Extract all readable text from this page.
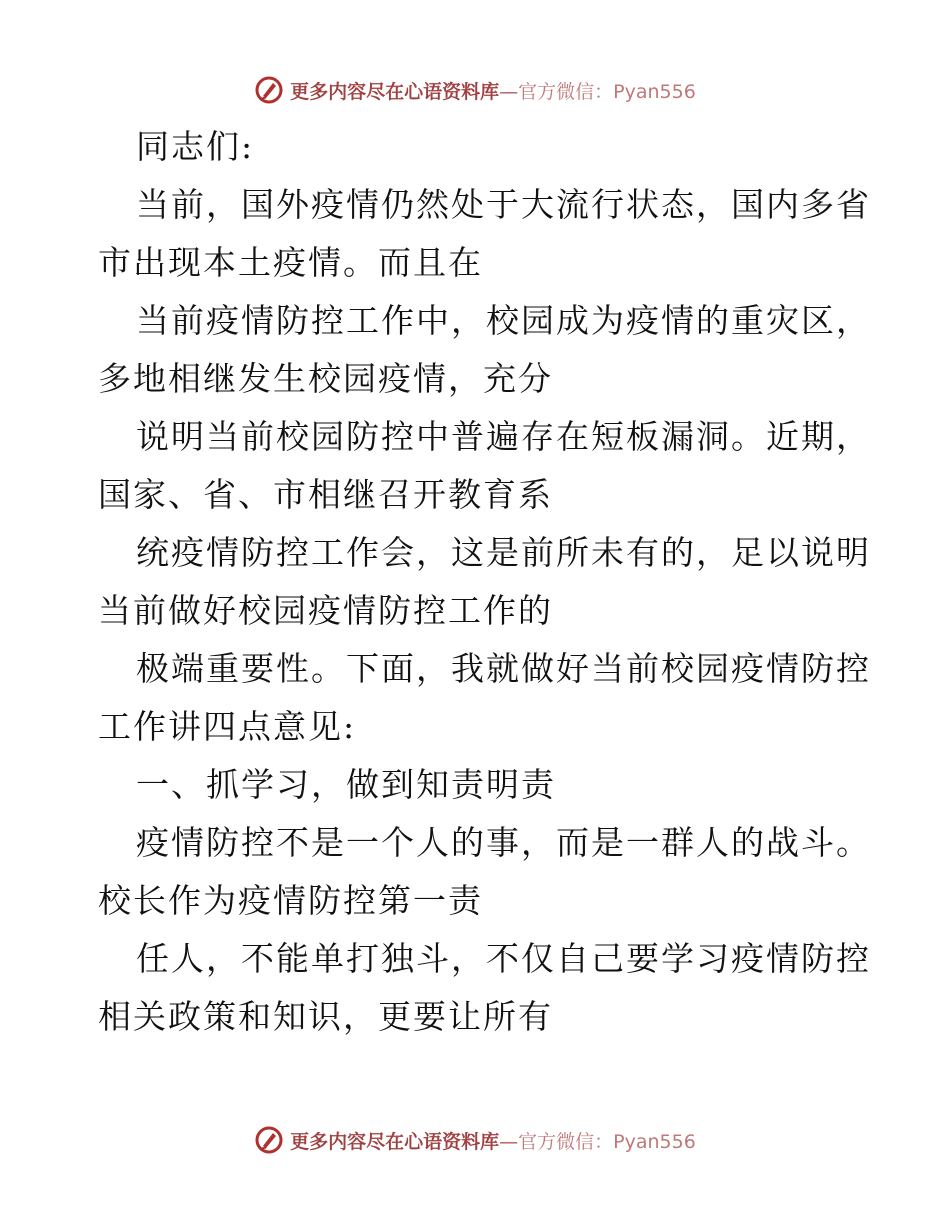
更多内容尽在心语资料库—官方微信：Pyan556
同志们:
当前，国外疫情仍然处于大流行状态，国内多省
市出现本土疫情。而且在
当前疫情防控工作中，校园成为疫情的重灾区，
多地相继发生校园疫情，充分
说明当前校园防控中普遍存在短板漏洞。近期，
国家、省、市相继召开教育系
统疫情防控工作会，这是前所未有的，足以说明
当前做好校园疫情防控工作的
极端重要性。下面，我就做好当前校园疫情防控
工作讲四点意见:
一、抓学习，做到知责明责
疫情防控不是一个人的事，而是一群人的战斗。
校长作为疫情防控第一责
任人，不能单打独斗，不仅自己要学习疫情防控
相关政策和知识，更要让所有
更多内容尽在心语资料库—官方微信：Pyan556
